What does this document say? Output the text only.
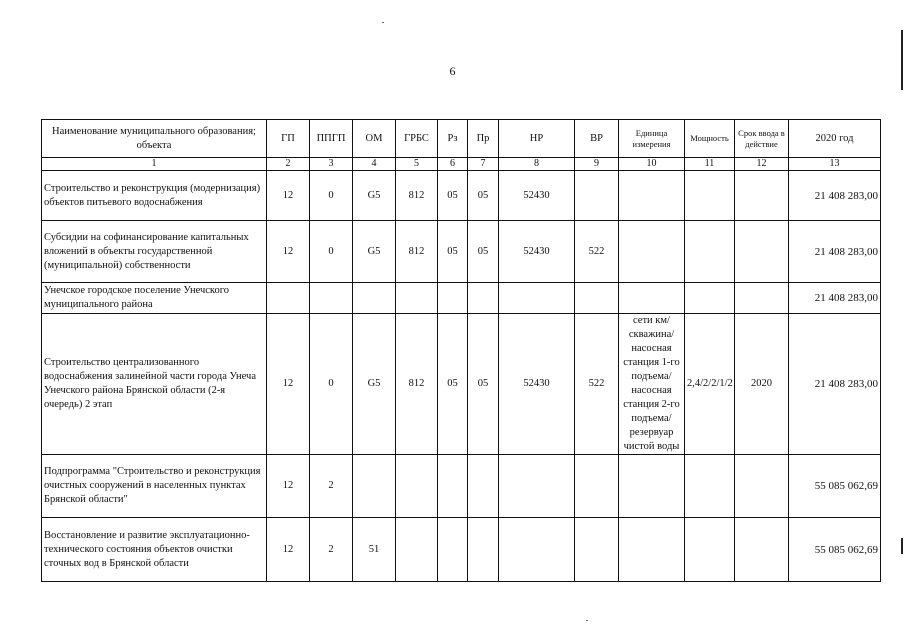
6
Наименование муниципального образования; объекта	ГП	ППГП	ОМ	ГРБС	Рз	Пр	НР	ВР	Единица измерения	Мощность	Срок ввода в действие	2020 год
1	2	3	4	5	6	7	8	9	10	11	12	13
Строительство и реконструкция (модернизация) объектов питьевого водоснабжения	12	0	G5	812	05	05	52430					21 408 283,00
Субсидии на софинансирование капитальных вложений в объекты государственной (муниципальной) собственности	12	0	G5	812	05	05	52430	522				21 408 283,00
Унечское городское поселение Унечского муниципального района												21 408 283,00
Строительство централизованного водоснабжения залинейной части города Унеча Унечского района Брянской области (2-я очередь) 2 этап	12	0	G5	812	05	05	52430	522	сети км/скважина/насосная станция 1-го подъема/насосная станция 2-го подъема/резервуар чистой воды	2,4/2/2/1/2	2020	21 408 283,00
Подпрограмма "Строительство и реконструкция очистных сооружений в населенных пунктах Брянской области"	12	2										55 085 062,69
Восстановление и развитие эксплуатационно-технического состояния объектов очистки сточных вод в Брянской области	12	2	51									55 085 062,69
